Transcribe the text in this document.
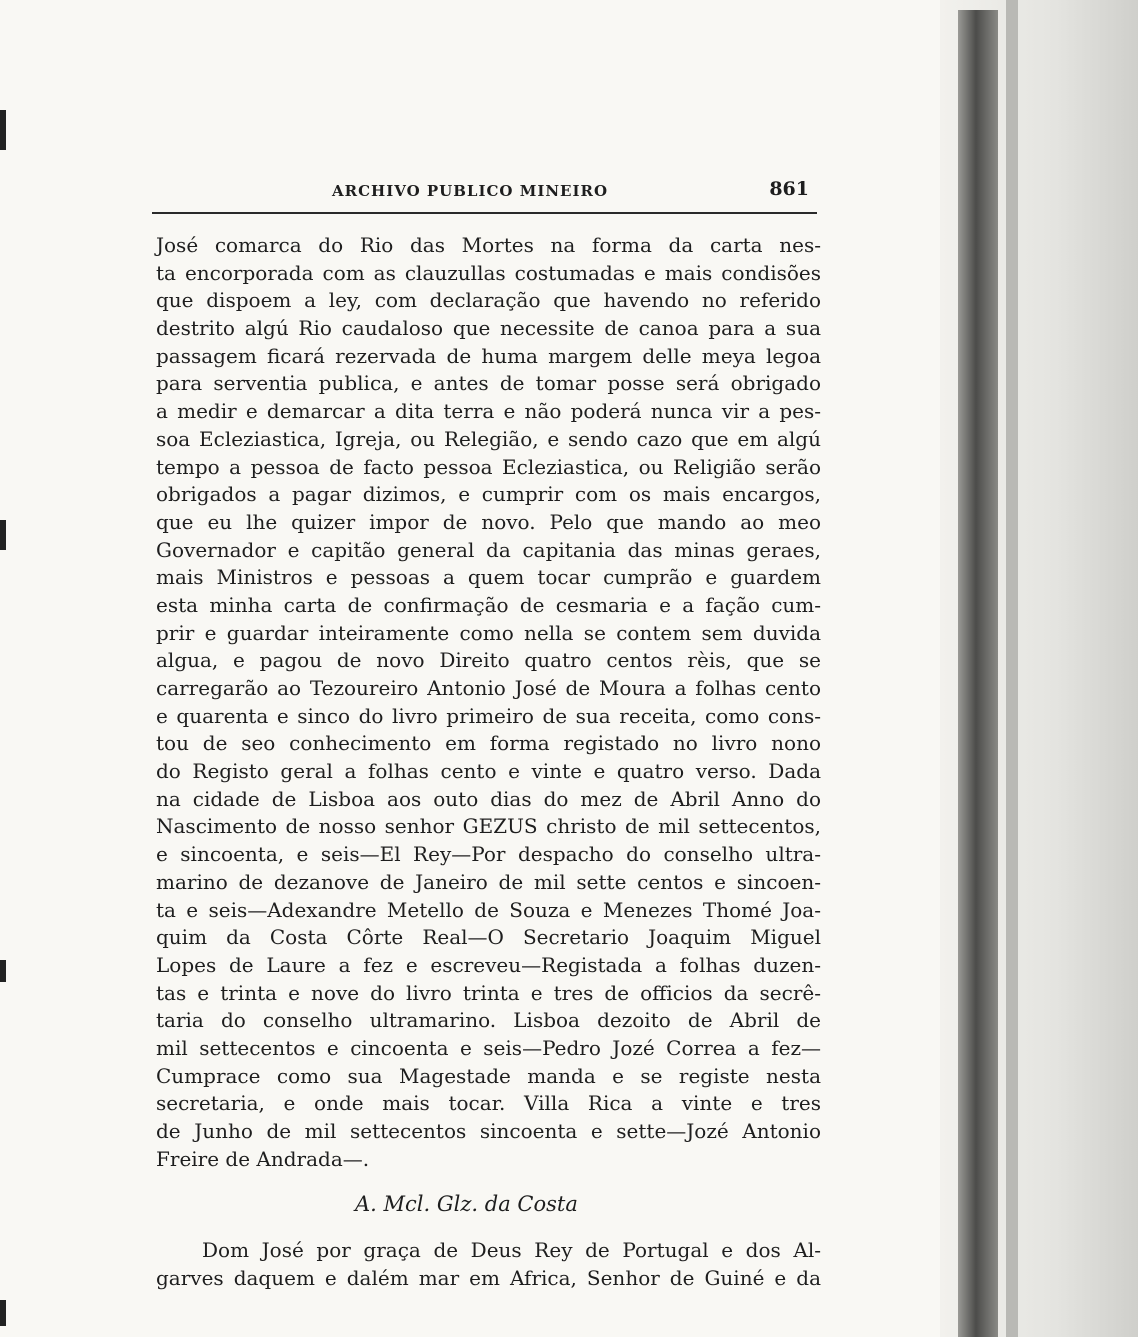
ARCHIVO PUBLICO MINEIRO	861
José comarca do Rio das Mortes na forma da carta nes-
ta encorporada com as clauzullas costumadas e mais condisões
que dispoem a ley, com declaração que havendo no referido
destrito algú Rio caudaloso que necessite de canoa para a sua
passagem ficará rezervada de huma margem delle meya legoa
para serventia publica, e antes de tomar posse será obrigado
a medir e demarcar a dita terra e não poderá nunca vir a pes-
soa Ecleziastica, Igreja, ou Relegião, e sendo cazo que em algú
tempo a pessoa de facto pessoa Ecleziastica, ou Religião serão
obrigados a pagar dizimos, e cumprir com os mais encargos,
que eu lhe quizer impor de novo. Pelo que mando ao meo
Governador e capitão general da capitania das minas geraes,
mais Ministros e pessoas a quem tocar cumprão e guardem
esta minha carta de confirmação de cesmaria e a fação cum-
prir e guardar inteiramente como nella se contem sem duvida
algua, e pagou de novo Direito quatro centos rèis, que se
carregarão ao Tezoureiro Antonio José de Moura a folhas cento
e quarenta e sinco do livro primeiro de sua receita, como cons-
tou de seo conhecimento em forma registado no livro nono
do Registo geral a folhas cento e vinte e quatro verso. Dada
na cidade de Lisboa aos outo dias do mez de Abril Anno do
Nascimento de nosso senhor GEZUS christo de mil settecentos,
e sincoenta, e seis—El Rey—Por despacho do conselho ultra-
marino de dezanove de Janeiro de mil sette centos e sincoen-
ta e seis—Adexandre Metello de Souza e Menezes Thomé Joa-
quim da Costa Côrte Real—O Secretario Joaquim Miguel
Lopes de Laure a fez e escreveu—Registada a folhas duzen-
tas e trinta e nove do livro trinta e tres de officios da secrê-
taria do conselho ultramarino. Lisboa dezoito de Abril de
mil settecentos e cincoenta e seis—Pedro Jozé Correa a fez—
Cumprace como sua Magestade manda e se registe nesta
secretaria, e onde mais tocar. Villa Rica a vinte e tres
de Junho de mil settecentos sincoenta e sette—Jozé Antonio
Freire de Andrada—.
A. Mcl. Glz. da Costa
Dom José por graça de Deus Rey de Portugal e dos Al-
garves daquem e dalém mar em Africa, Senhor de Guiné e da
